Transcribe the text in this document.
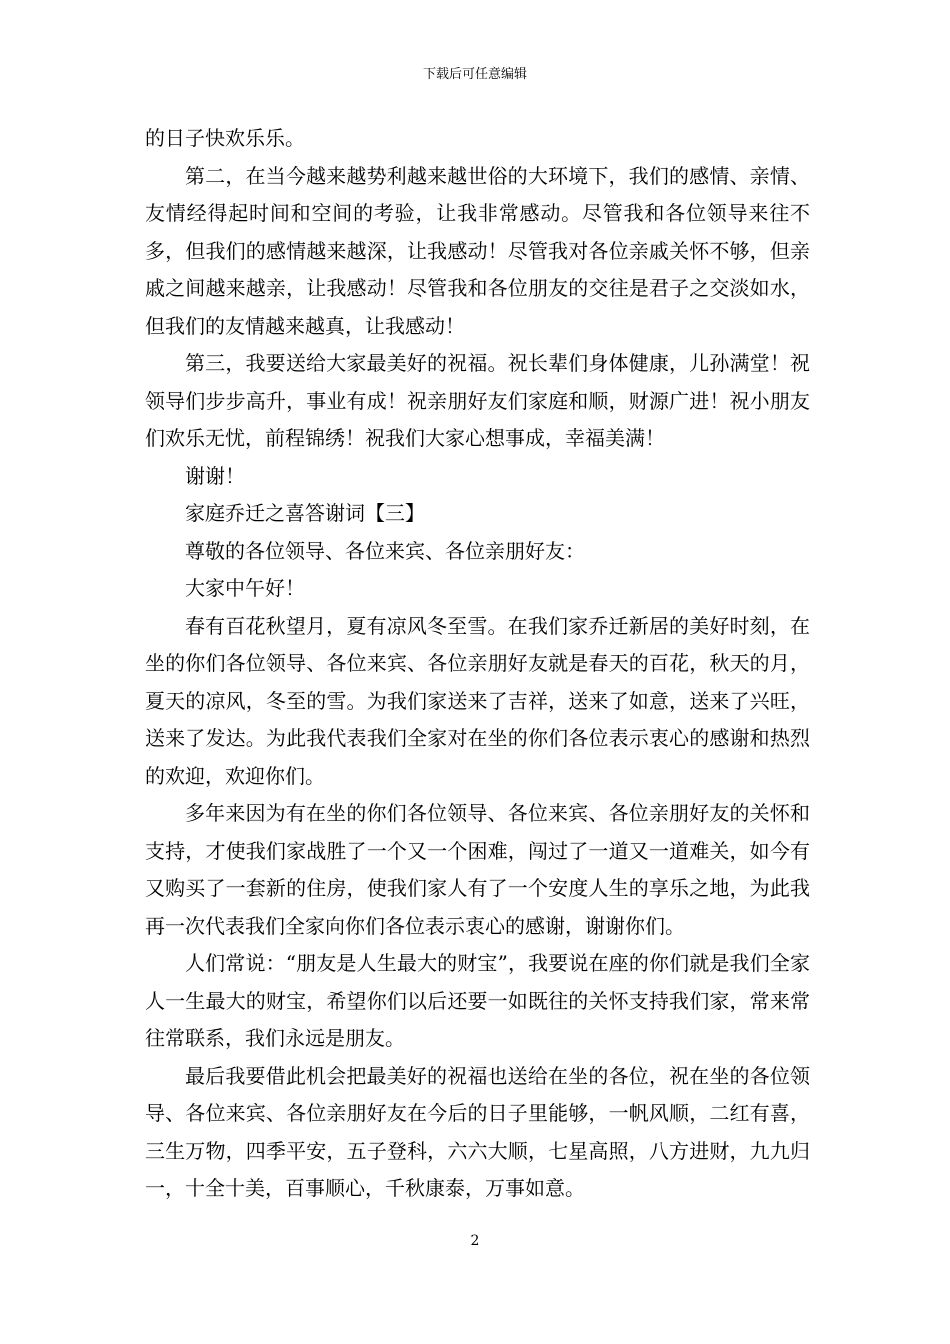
下载后可任意编辑

的日子快欢乐乐。

第二，在当今越来越势利越来越世俗的大环境下，我们的感情、亲情、友情经得起时间和空间的考验，让我非常感动。尽管我和各位领导来往不多，但我们的感情越来越深，让我感动！尽管我对各位亲戚关怀不够，但亲戚之间越来越亲，让我感动！尽管我和各位朋友的交往是君子之交淡如水，但我们的友情越来越真，让我感动！

第三，我要送给大家最美好的祝福。祝长辈们身体健康，儿孙满堂！祝领导们步步高升，事业有成！祝亲朋好友们家庭和顺，财源广进！祝小朋友们欢乐无忧，前程锦绣！祝我们大家心想事成，幸福美满！

谢谢！

家庭乔迁之喜答谢词【三】

尊敬的各位领导、各位来宾、各位亲朋好友：

大家中午好！

春有百花秋望月，夏有凉风冬至雪。在我们家乔迁新居的美好时刻，在坐的你们各位领导、各位来宾、各位亲朋好友就是春天的百花，秋天的月，夏天的凉风，冬至的雪。为我们家送来了吉祥，送来了如意，送来了兴旺，送来了发达。为此我代表我们全家对在坐的你们各位表示衷心的感谢和热烈的欢迎，欢迎你们。

多年来因为有在坐的你们各位领导、各位来宾、各位亲朋好友的关怀和支持，才使我们家战胜了一个又一个困难，闯过了一道又一道难关，如今有又购买了一套新的住房，使我们家人有了一个安度人生的享乐之地，为此我再一次代表我们全家向你们各位表示衷心的感谢，谢谢你们。

人们常说：“朋友是人生最大的财宝”，我要说在座的你们就是我们全家人一生最大的财宝，希望你们以后还要一如既往的关怀支持我们家，常来常往常联系，我们永远是朋友。

最后我要借此机会把最美好的祝福也送给在坐的各位，祝在坐的各位领导、各位来宾、各位亲朋好友在今后的日子里能够，一帆风顺，二红有喜，三生万物，四季平安，五子登科，六六大顺，七星高照，八方进财，九九归一，十全十美，百事顺心，千秋康泰，万事如意。

2
